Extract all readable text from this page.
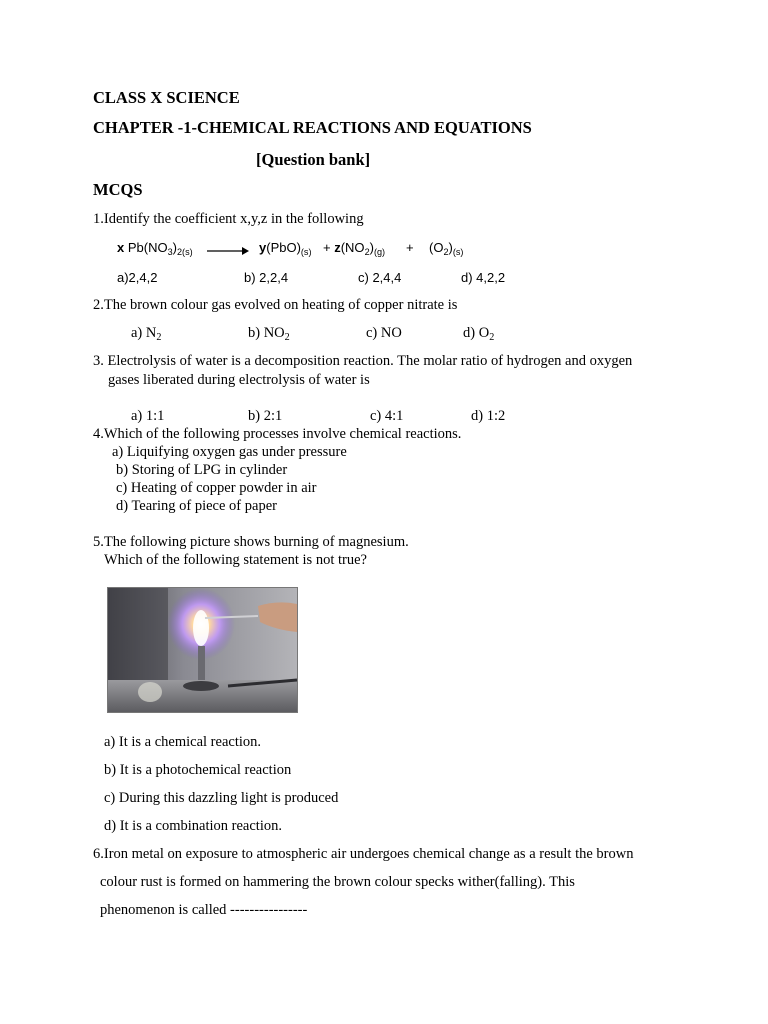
CLASS X SCIENCE
CHAPTER -1-CHEMICAL REACTIONS AND EQUATIONS
[Question bank]
MCQS
1.Identify the coefficient x,y,z in the following
x $Pb(NO_3)_{2(s)} \to y(PbO)_{(s)} + z(NO_2)_{(g)} + (O_2)_{(s)}$
a)2,4,2	b) 2,2,4	c) 2,4,4	d) 4,2,2
2.The brown colour gas evolved on heating of copper nitrate is
a) $N_2$	b) $NO_2$	c) NO	d) $O_2$
3. Electrolysis of water is a decomposition reaction. The molar ratio of hydrogen and oxygen
gases liberated during electrolysis of water is
a) 1:1	b) 2:1	c) 4:1	d) 1:2
4.Which of the following processes involve chemical reactions.
a) Liquifying oxygen gas under pressure
b) Storing of LPG in cylinder
c) Heating of copper powder in air
d) Tearing of piece of paper
5.The following picture shows burning of magnesium.
Which of the following statement is not true?
a) It is a chemical reaction.
b) It is a photochemical reaction
c) During this dazzling light is produced
d) It is a combination reaction.
6.Iron metal on exposure to atmospheric air undergoes chemical change as a result the brown
colour rust is formed on hammering the brown colour specks wither(falling). This
phenomenon is called ----------------
